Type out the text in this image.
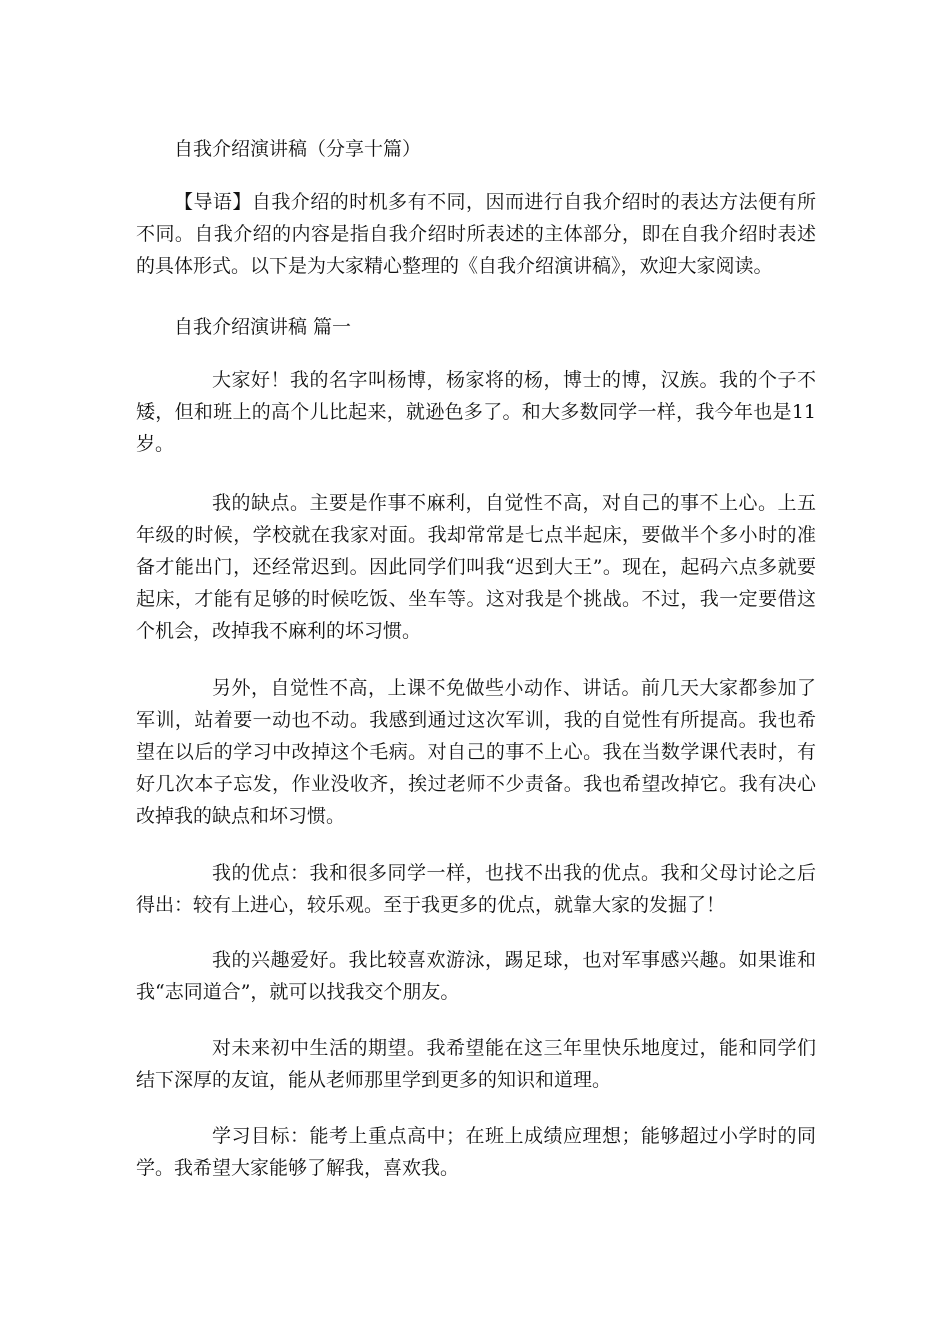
自我介绍演讲稿（分享十篇）

【导语】自我介绍的时机多有不同，因而进行自我介绍时的表达方法便有所不同。自我介绍的内容是指自我介绍时所表述的主体部分，即在自我介绍时表述的具体形式。以下是为大家精心整理的《自我介绍演讲稿》，欢迎大家阅读。

自我介绍演讲稿 篇一

大家好！我的名字叫杨博，杨家将的杨，博士的博，汉族。我的个子不矮，但和班上的高个儿比起来，就逊色多了。和大多数同学一样，我今年也是11岁。

我的缺点。主要是作事不麻利，自觉性不高，对自己的事不上心。上五年级的时候，学校就在我家对面。我却常常是七点半起床，要做半个多小时的准备才能出门，还经常迟到。因此同学们叫我“迟到大王”。现在，起码六点多就要起床，才能有足够的时候吃饭、坐车等。这对我是个挑战。不过，我一定要借这个机会，改掉我不麻利的坏习惯。

另外，自觉性不高，上课不免做些小动作、讲话。前几天大家都参加了军训，站着要一动也不动。我感到通过这次军训，我的自觉性有所提高。我也希望在以后的学习中改掉这个毛病。对自己的事不上心。我在当数学课代表时，有好几次本子忘发，作业没收齐，挨过老师不少责备。我也希望改掉它。我有决心改掉我的缺点和坏习惯。

我的优点：我和很多同学一样，也找不出我的优点。我和父母讨论之后得出：较有上进心，较乐观。至于我更多的优点，就靠大家的发掘了！

我的兴趣爱好。我比较喜欢游泳，踢足球，也对军事感兴趣。如果谁和我“志同道合”，就可以找我交个朋友。

对未来初中生活的期望。我希望能在这三年里快乐地度过，能和同学们结下深厚的友谊，能从老师那里学到更多的知识和道理。

学习目标：能考上重点高中；在班上成绩应理想；能够超过小学时的同学。我希望大家能够了解我，喜欢我。
